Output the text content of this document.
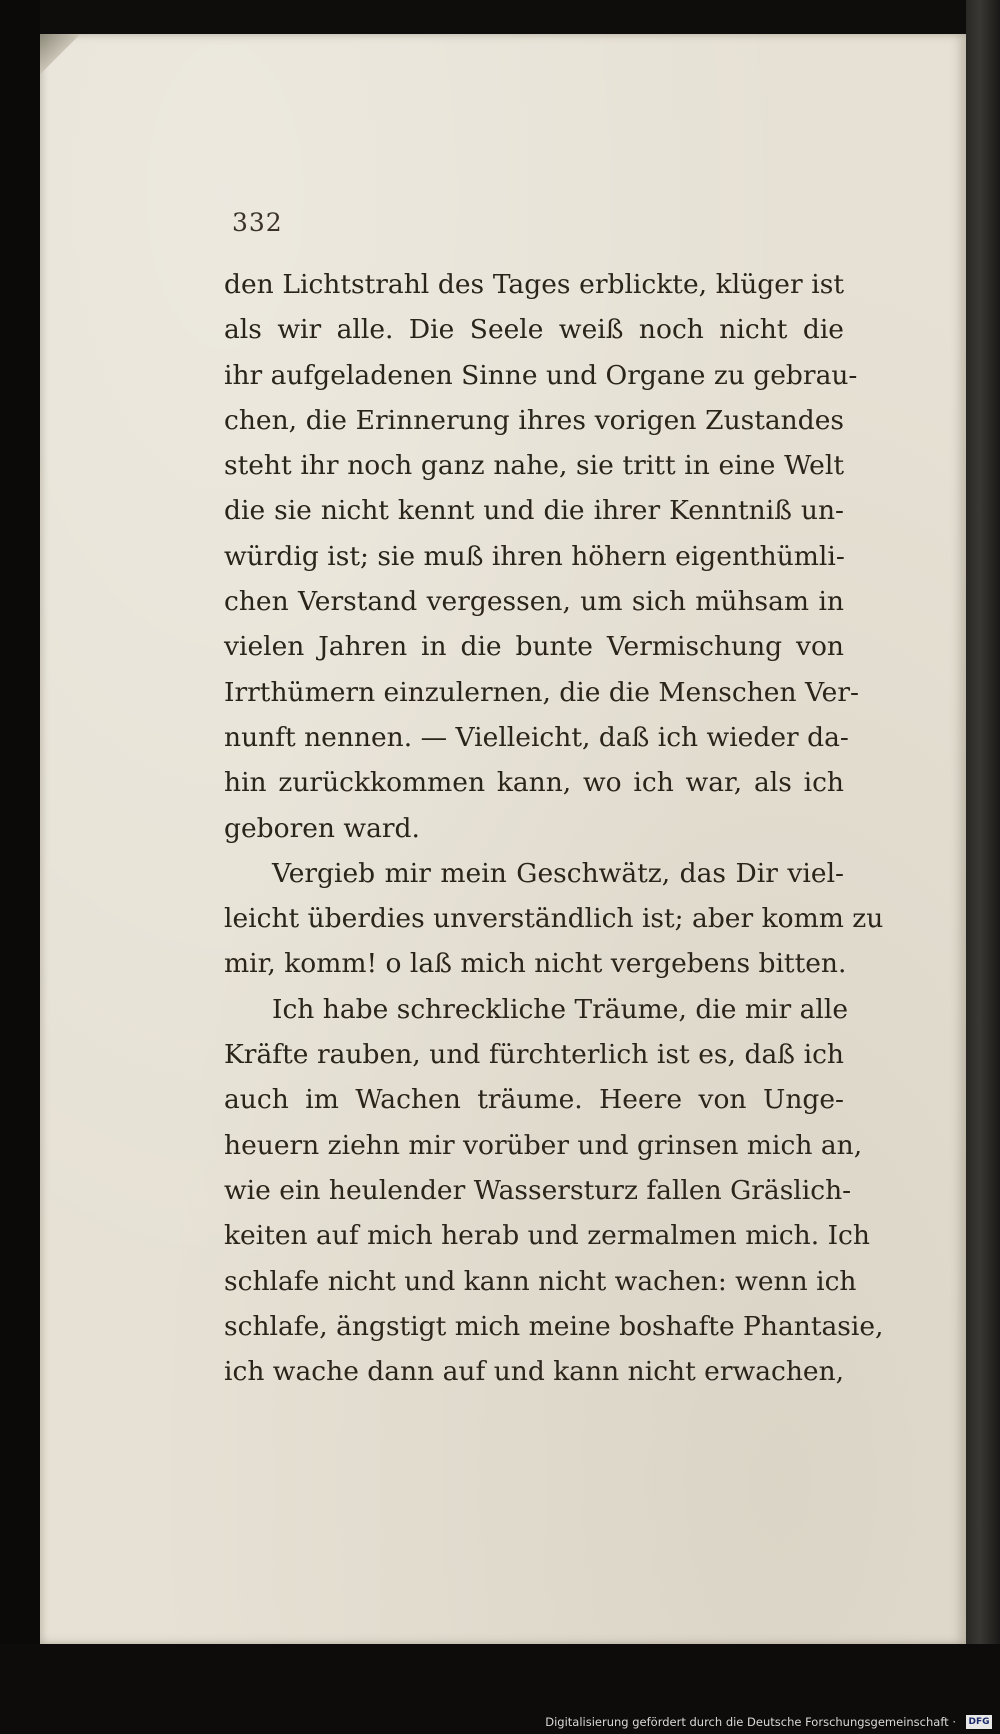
332
den Lichtstrahl des Tages erblickte, klüger ist
als wir alle. Die Seele weiß noch nicht die
ihr aufgeladenen Sinne und Organe zu gebrau-
chen, die Erinnerung ihres vorigen Zustandes
steht ihr noch ganz nahe, sie tritt in eine Welt
die sie nicht kennt und die ihrer Kenntniß un-
würdig ist; sie muß ihren höhern eigenthümli-
chen Verstand vergessen, um sich mühsam in
vielen Jahren in die bunte Vermischung von
Irrthümern einzulernen, die die Menschen Ver-
nunft nennen. — Vielleicht, daß ich wieder da-
hin zurückkommen kann, wo ich war, als ich
geboren ward.
Vergieb mir mein Geschwätz, das Dir viel-
leicht überdies unverständlich ist; aber komm zu
mir, komm! o laß mich nicht vergebens bitten.
Ich habe schreckliche Träume, die mir alle
Kräfte rauben, und fürchterlich ist es, daß ich
auch im Wachen träume. Heere von Unge-
heuern ziehn mir vorüber und grinsen mich an,
wie ein heulender Wassersturz fallen Gräslich-
keiten auf mich herab und zermalmen mich. Ich
schlafe nicht und kann nicht wachen: wenn ich
schlafe, ängstigt mich meine boshafte Phantasie,
ich wache dann auf und kann nicht erwachen,
Digitalisierung gefördert durch die Deutsche Forschungsgemeinschaft · DFG
